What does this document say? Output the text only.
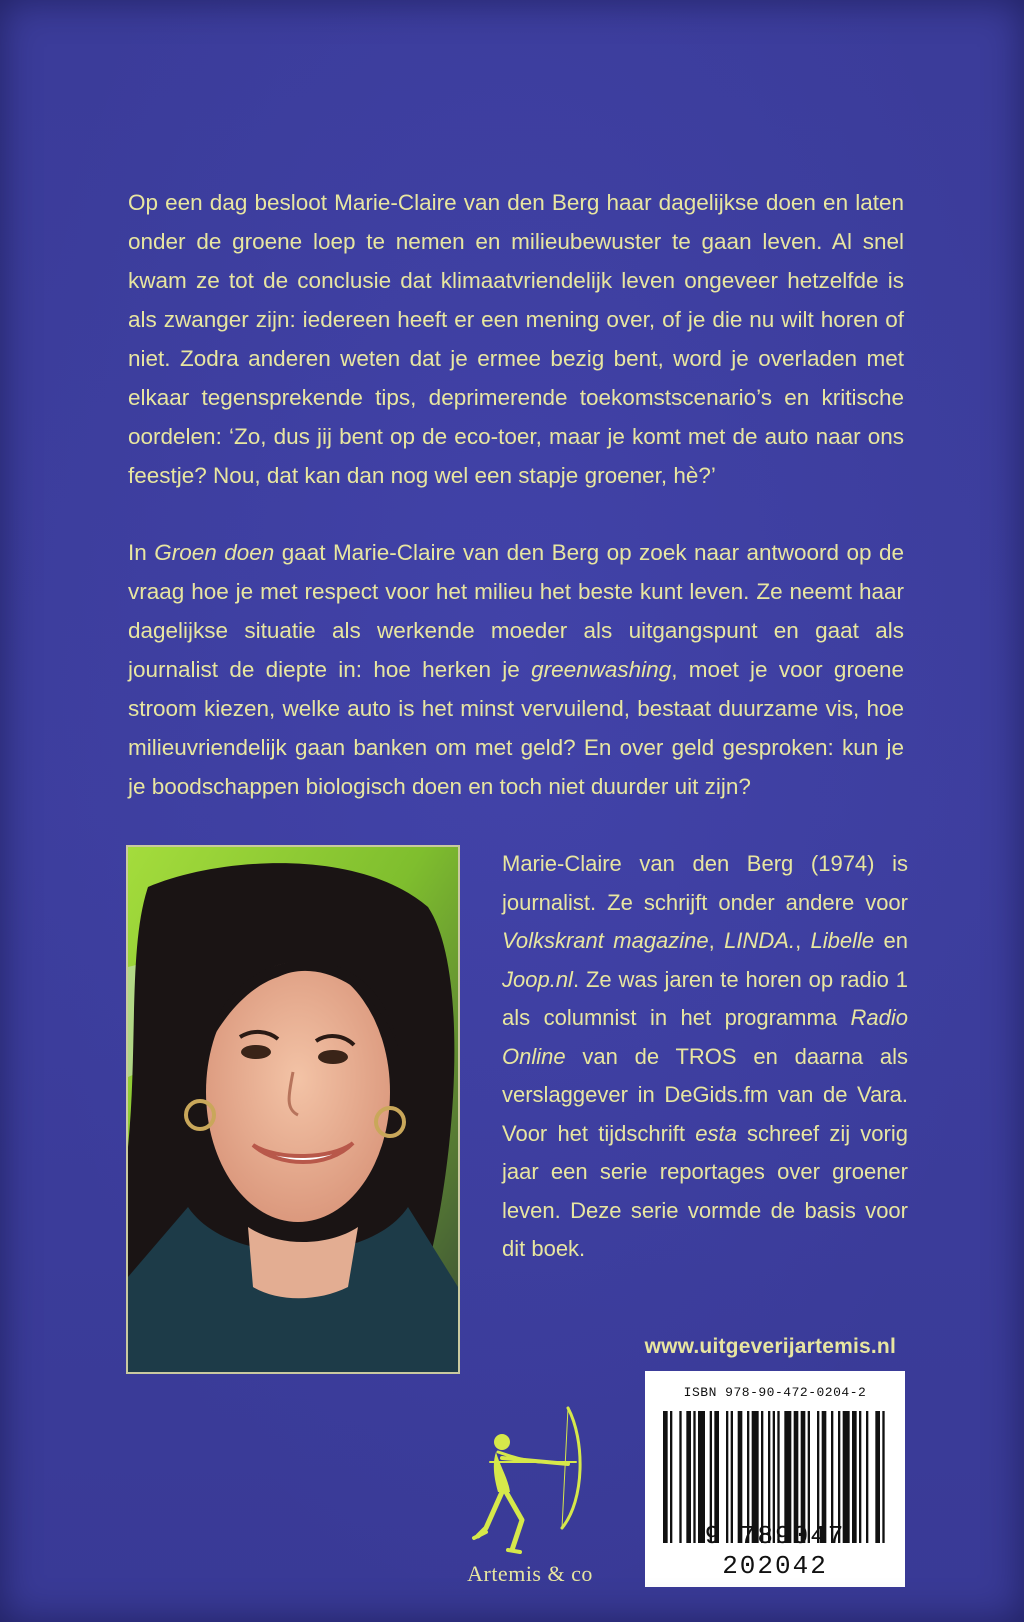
Op een dag besloot Marie-Claire van den Berg haar dagelijkse doen en laten onder de groene loep te nemen en milieubewuster te gaan leven. Al snel kwam ze tot de conclusie dat klimaatvriendelijk leven ongeveer hetzelfde is als zwanger zijn: iedereen heeft er een mening over, of je die nu wilt horen of niet. Zodra anderen weten dat je ermee bezig bent, word je overladen met elkaar tegensprekende tips, deprimerende toekomstscenario’s en kritische oordelen: ‘Zo, dus jij bent op de eco-toer, maar je komt met de auto naar ons feestje? Nou, dat kan dan nog wel een stapje groener, hè?’

In Groen doen gaat Marie-Claire van den Berg op zoek naar antwoord op de vraag hoe je met respect voor het milieu het beste kunt leven. Ze neemt haar dagelijkse situatie als werkende moeder als uitgangspunt en gaat als journalist de diepte in: hoe herken je greenwashing, moet je voor groene stroom kiezen, welke auto is het minst vervuilend, bestaat duurzame vis, hoe milieuvriendelijk gaan banken om met geld? En over geld gesproken: kun je je boodschappen biologisch doen en toch niet duurder uit zijn?

Marie-Claire van den Berg (1974) is journalist. Ze schrijft onder andere voor Volkskrant magazine, LINDA., Libelle en Joop.nl. Ze was jaren te horen op radio 1 als columnist in het programma Radio Online van de TROS en daarna als verslaggever in DeGids.fm van de Vara. Voor het tijdschrift esta schreef zij vorig jaar een serie reportages over groener leven. Deze serie vormde de basis voor dit boek.

www.uitgeverijartemis.nl
Artemis & co
ISBN 978-90-472-0204-2
9 789047 202042
